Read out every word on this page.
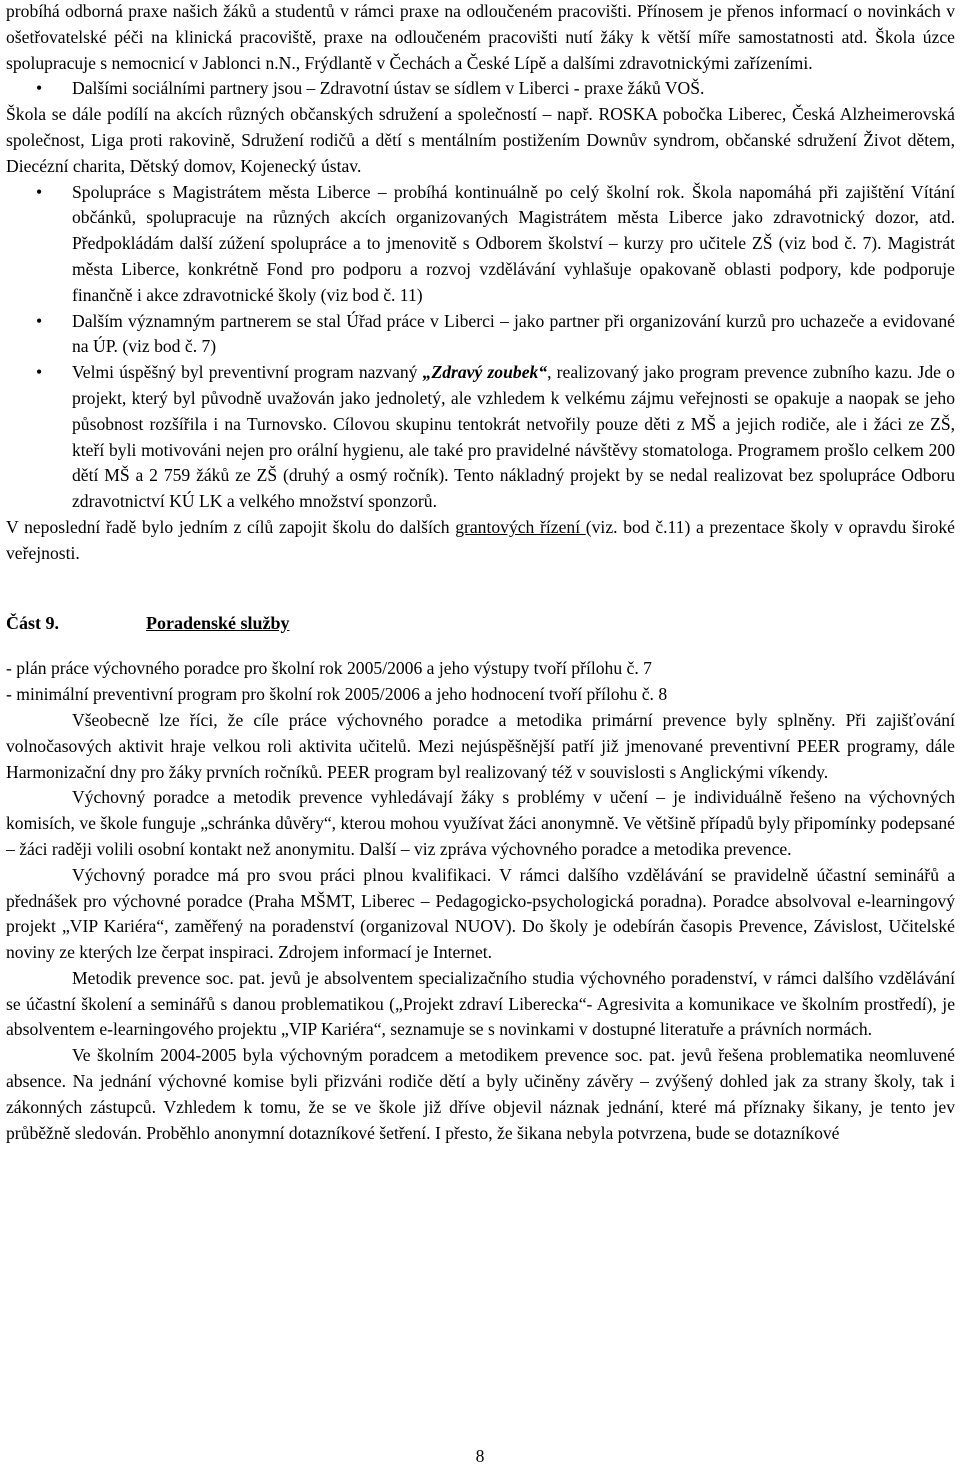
probíhá odborná praxe našich žáků a studentů v rámci praxe na odloučeném pracovišti. Přínosem je přenos informací o novinkách v ošetřovatelské péči na klinická pracoviště, praxe na odloučeném pracovišti nutí žáky k větší míře samostatnosti atd. Škola úzce spolupracuje s nemocnicí v Jablonci n.N., Frýdlantě v Čechách a České Lípě a dalšími zdravotnickými zařízeními.

• Dalšími sociálními partnery jsou – Zdravotní ústav se sídlem v Liberci - praxe žáků VOŠ.

Škola se dále podílí na akcích různých občanských sdružení a společností – např. ROSKA pobočka Liberec, Česká Alzheimerovská společnost, Liga proti rakovině, Sdružení rodičů a dětí s mentálním postižením Downův syndrom, občanské sdružení Život dětem, Diecézní charita, Dětský domov, Kojenecký ústav.

• Spolupráce s Magistrátem města Liberce – probíhá kontinuálně po celý školní rok. Škola napomáhá při zajištění Vítání občánků, spolupracuje na různých akcích organizovaných Magistrátem města Liberce jako zdravotnický dozor, atd. Předpokládám další zúžení spolupráce a to jmenovitě s Odborem školství – kurzy pro učitele ZŠ (viz bod č. 7). Magistrát města Liberce, konkrétně Fond pro podporu a rozvoj vzdělávání vyhlašuje opakovaně oblasti podpory, kde podporuje finančně i akce zdravotnické školy (viz bod č. 11)

• Dalším významným partnerem se stal Úřad práce v Liberci – jako partner při organizování kurzů pro uchazeče a evidované na ÚP. (viz bod č. 7)

• Velmi úspěšný byl preventivní program nazvaný „Zdravý zoubek“, realizovaný jako program prevence zubního kazu. Jde o projekt, který byl původně uvažován jako jednoletý, ale vzhledem k velkému zájmu veřejnosti se opakuje a naopak se jeho působnost rozšířila i na Turnovsko. Cílovou skupinu tentokrát netvořily pouze děti z MŠ a jejich rodiče, ale i žáci ze ZŠ, kteří byli motivováni nejen pro orální hygienu, ale také pro pravidelné návštěvy stomatologa. Programem prošlo celkem 200 dětí MŠ a 2 759 žáků ze ZŠ (druhý a osmý ročník). Tento nákladný projekt by se nedal realizovat bez spolupráce Odboru zdravotnictví KÚ LK a velkého množství sponzorů.

V neposlední řadě bylo jedním z cílů zapojit školu do dalších grantových řízení (viz. bod č.11) a prezentace školy v opravdu široké veřejnosti.

Část 9.	Poradenské služby

- plán práce výchovného poradce pro školní rok 2005/2006 a jeho výstupy tvoří přílohu č. 7

- minimální preventivní program pro školní rok 2005/2006 a jeho hodnocení tvoří přílohu č. 8

Všeobecně lze říci, že cíle práce výchovného poradce a metodika primární prevence byly splněny. Při zajišťování volnočasových aktivit hraje velkou roli aktivita učitelů. Mezi nejúspěšnější patří již jmenované preventivní PEER programy, dále Harmonizační dny pro žáky prvních ročníků. PEER program byl realizovaný též v souvislosti s Anglickými víkendy.

Výchovný poradce a metodik prevence vyhledávají žáky s problémy v učení – je individuálně řešeno na výchovných komisích, ve škole funguje „schránka důvěry“, kterou mohou využívat žáci anonymně. Ve většině případů byly připomínky podepsané – žáci raději volili osobní kontakt než anonymitu. Další – viz zpráva výchovného poradce a metodika prevence.

Výchovný poradce má pro svou práci plnou kvalifikaci. V rámci dalšího vzdělávání se pravidelně účastní seminářů a přednášek pro výchovné poradce (Praha MŠMT, Liberec – Pedagogicko-psychologická poradna). Poradce absolvoval e-learningový projekt „VIP Kariéra“, zaměřený na poradenství (organizoval NUOV). Do školy je odebírán časopis Prevence, Závislost, Učitelské noviny ze kterých lze čerpat inspiraci. Zdrojem informací je Internet.

Metodik prevence soc. pat. jevů je absolventem specializačního studia výchovného poradenství, v rámci dalšího vzdělávání se účastní školení a seminářů s danou problematikou („Projekt zdraví Liberecka“- Agresivita a komunikace ve školním prostředí), je absolventem e-learningového projektu „VIP Kariéra“, seznamuje se s novinkami v dostupné literatuře a právních normách.

Ve školním 2004-2005 byla výchovným poradcem a metodikem prevence soc. pat. jevů řešena problematika neomluvené absence. Na jednání výchovné komise byli přizváni rodiče dětí a byly učiněny závěry – zvýšený dohled jak za strany školy, tak i zákonných zástupců. Vzhledem k tomu, že se ve škole již dříve objevil náznak jednání, které má příznaky šikany, je tento jev průběžně sledován. Proběhlo anonymní dotazníkové šetření. I přesto, že šikana nebyla potvrzena, bude se dotazníkové

8
